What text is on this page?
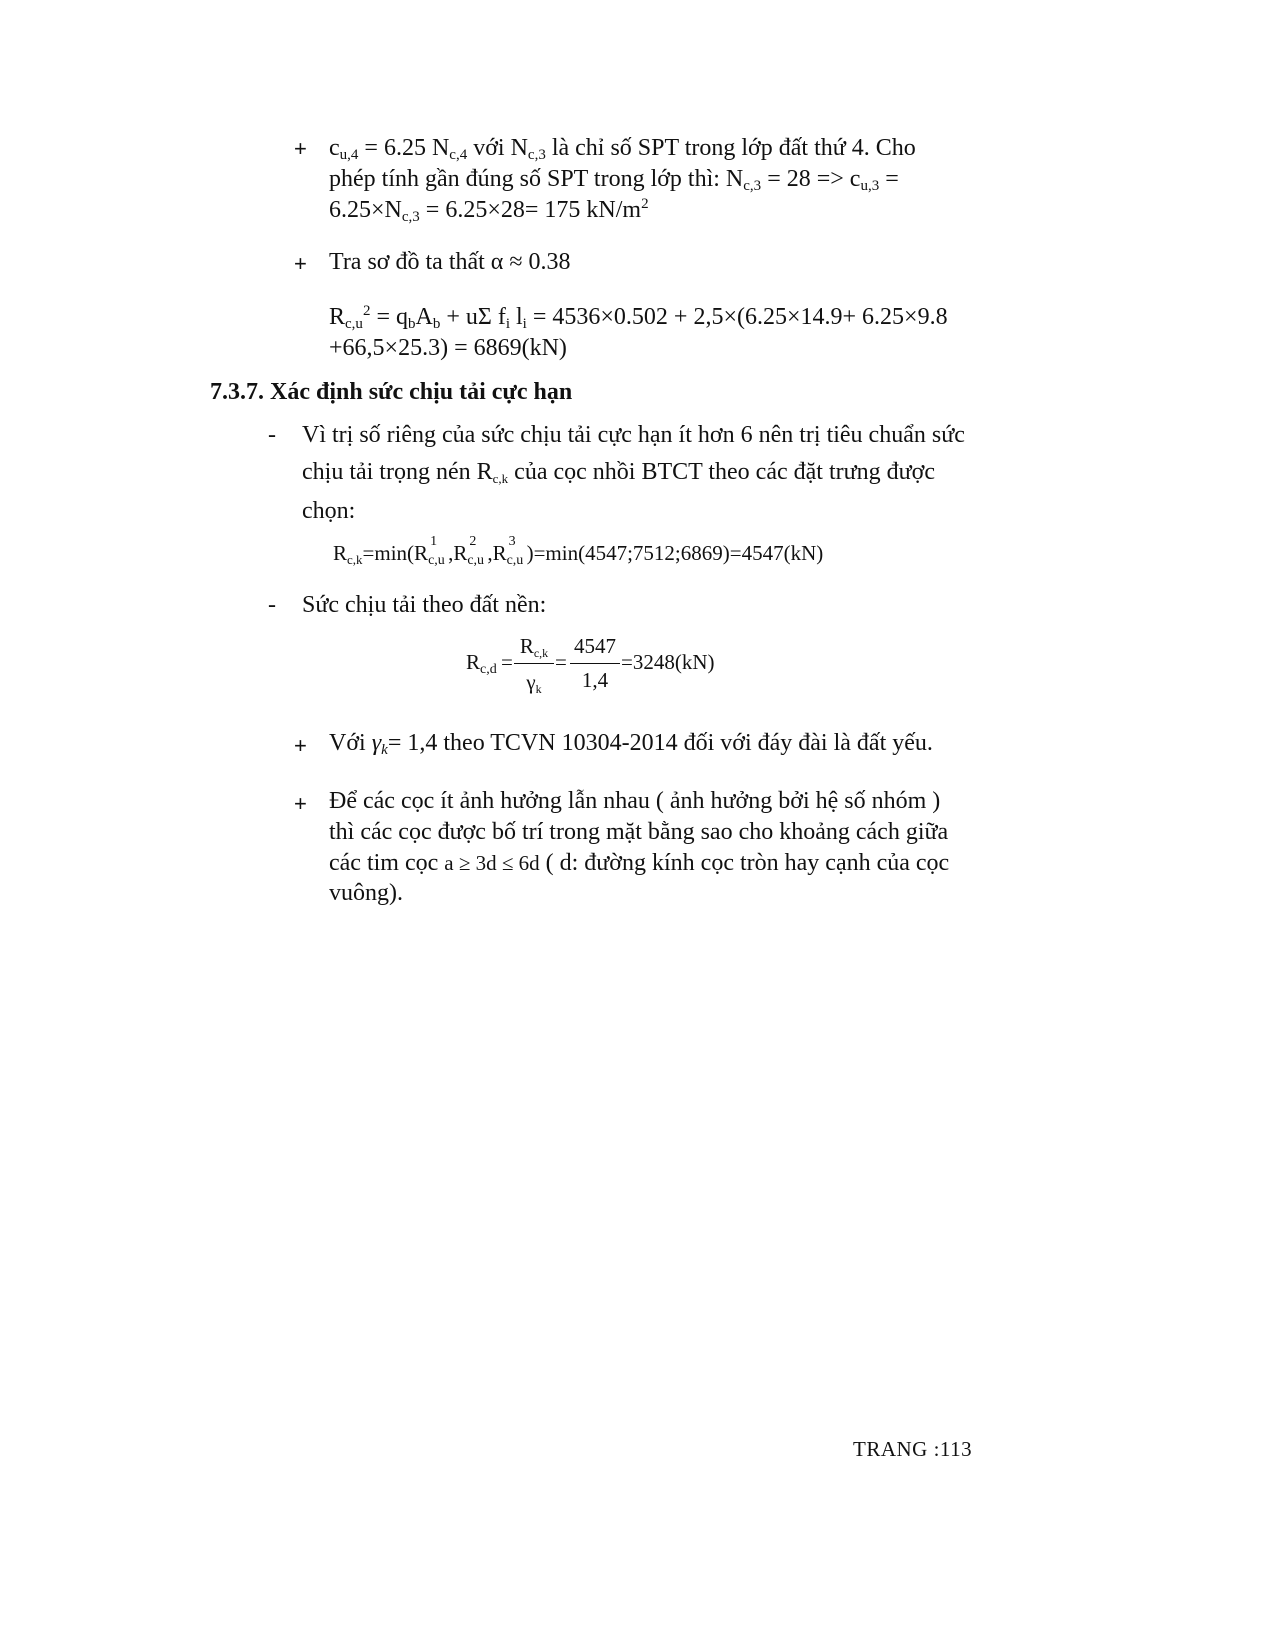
+ $c_{u,4} = 6.25$ $N_{c,4}$ với $N_{c,3}$ là chỉ số SPT trong lớp đất thứ 4. Cho
phép tính gần đúng số SPT trong lớp thì: $N_{c,3} = 28 => c_{u,3}$ =
$6.25\times N_{c,3} = 6.25\times 28= 175$ $kN/m^2$
+ Tra sơ đồ ta thất α ≈ 0.38
$R_{c,u}^2 = q_bA_b + u\Sigma$ $f_i$ $l_i = 4536\times 0.502 + 2,5\times(6.25\times 14.9+ 6.25\times 9.8$
+66,5×25.3) = 6869(kN)
7.3.7. Xác định sức chịu tải cực hạn
- Vì trị số riêng của sức chịu tải cực hạn ít hơn 6 nên trị tiêu chuẩn sức
chịu tải trọng nén $R_{c,k}$ của cọc nhồi BTCT theo các đặt trưng được
chọn:
$R_{c,k}=\min(R$ 1
c,u ,R 2
c,u ,R 3
c,u )=min(4547;7512;6869)=4547(kN)
- Sức chịu tải theo đất nền:
$R_{c,d}$ =
$R_{c,k}$
$\gamma_k$
=
4547
1,4
=3248(kN)
+ Với $\gamma_k= 1,4$ theo TCVN 10304-2014 đối với đáy đài là đất yếu.
+ Để các cọc ít ảnh hưởng lẫn nhau ( ảnh hưởng bởi hệ số nhóm )
thì các cọc được bố trí trong mặt bằng sao cho khoảng cách giữa
các tim cọc a ≥ 3d ≤ 6d ( d: đường kính cọc tròn hay cạnh của cọc
vuông).
TRANG :113
